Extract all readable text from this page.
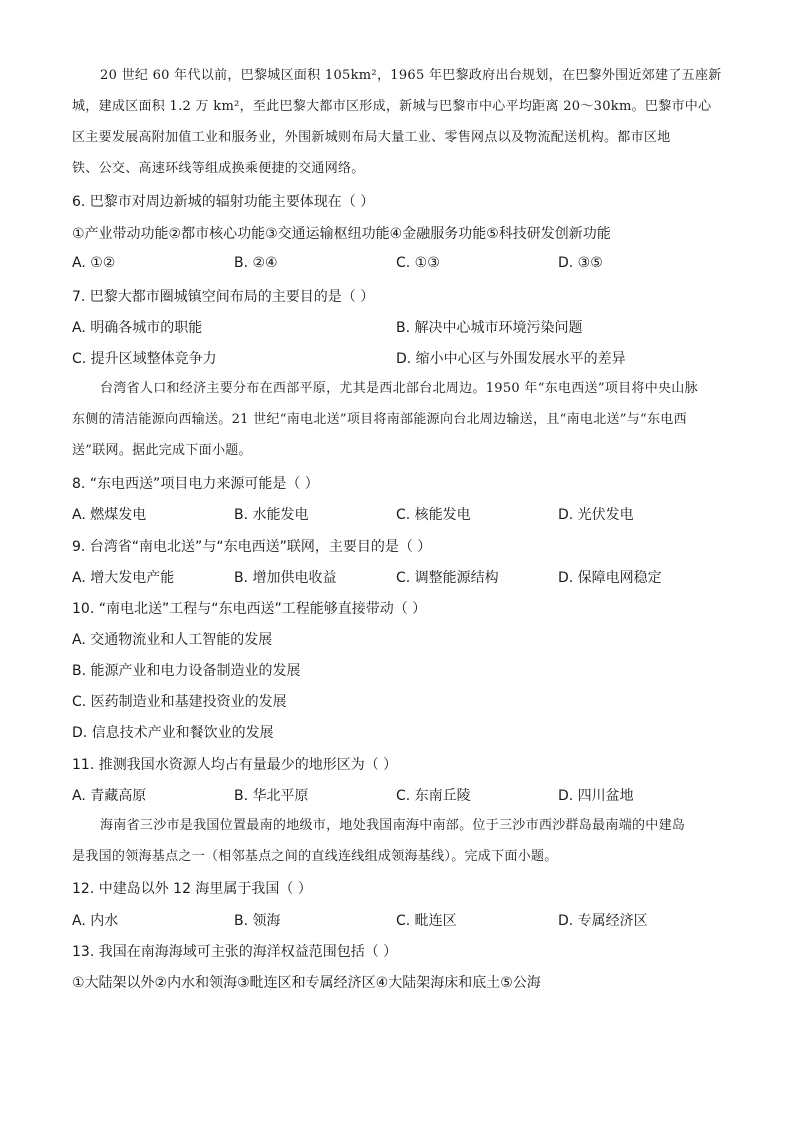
20 世纪 60 年代以前，巴黎城区面积 105km²，1965 年巴黎政府出台规划，在巴黎外围近郊建了五座新
城，建成区面积 1.2 万 km²，至此巴黎大都市区形成，新城与巴黎市中心平均距离 20～30km。巴黎市中心
区主要发展高附加值工业和服务业，外围新城则布局大量工业、零售网点以及物流配送机构。都市区地
铁、公交、高速环线等组成换乘便捷的交通网络。
6. 巴黎市对周边新城的辐射功能主要体现在（ ）
①产业带动功能②都市核心功能③交通运输枢纽功能④金融服务功能⑤科技研发创新功能
A. ①②	B. ②④	C. ①③	D. ③⑤
7. 巴黎大都市圈城镇空间布局的主要目的是（ ）
A. 明确各城市的职能	B. 解决中心城市环境污染问题
C. 提升区域整体竞争力	D. 缩小中心区与外围发展水平的差异
台湾省人口和经济主要分布在西部平原，尤其是西北部台北周边。1950 年“东电西送”项目将中央山脉
东侧的清洁能源向西输送。21 世纪“南电北送”项目将南部能源向台北周边输送，且“南电北送”与“东电西
送”联网。据此完成下面小题。
8. “东电西送”项目电力来源可能是（ ）
A. 燃煤发电	B. 水能发电	C. 核能发电	D. 光伏发电
9. 台湾省“南电北送”与“东电西送”联网，主要目的是（ ）
A. 增大发电产能	B. 增加供电收益	C. 调整能源结构	D. 保障电网稳定
10. “南电北送”工程与“东电西送”工程能够直接带动（ ）
A. 交通物流业和人工智能的发展
B. 能源产业和电力设备制造业的发展
C. 医药制造业和基建投资业的发展
D. 信息技术产业和餐饮业的发展
11. 推测我国水资源人均占有量最少的地形区为（ ）
A. 青藏高原	B. 华北平原	C. 东南丘陵	D. 四川盆地
海南省三沙市是我国位置最南的地级市，地处我国南海中南部。位于三沙市西沙群岛最南端的中建岛
是我国的领海基点之一（相邻基点之间的直线连线组成领海基线）。完成下面小题。
12. 中建岛以外 12 海里属于我国（ ）
A. 内水	B. 领海	C. 毗连区	D. 专属经济区
13. 我国在南海海域可主张的海洋权益范围包括（ ）
①大陆架以外②内水和领海③毗连区和专属经济区④大陆架海床和底土⑤公海
